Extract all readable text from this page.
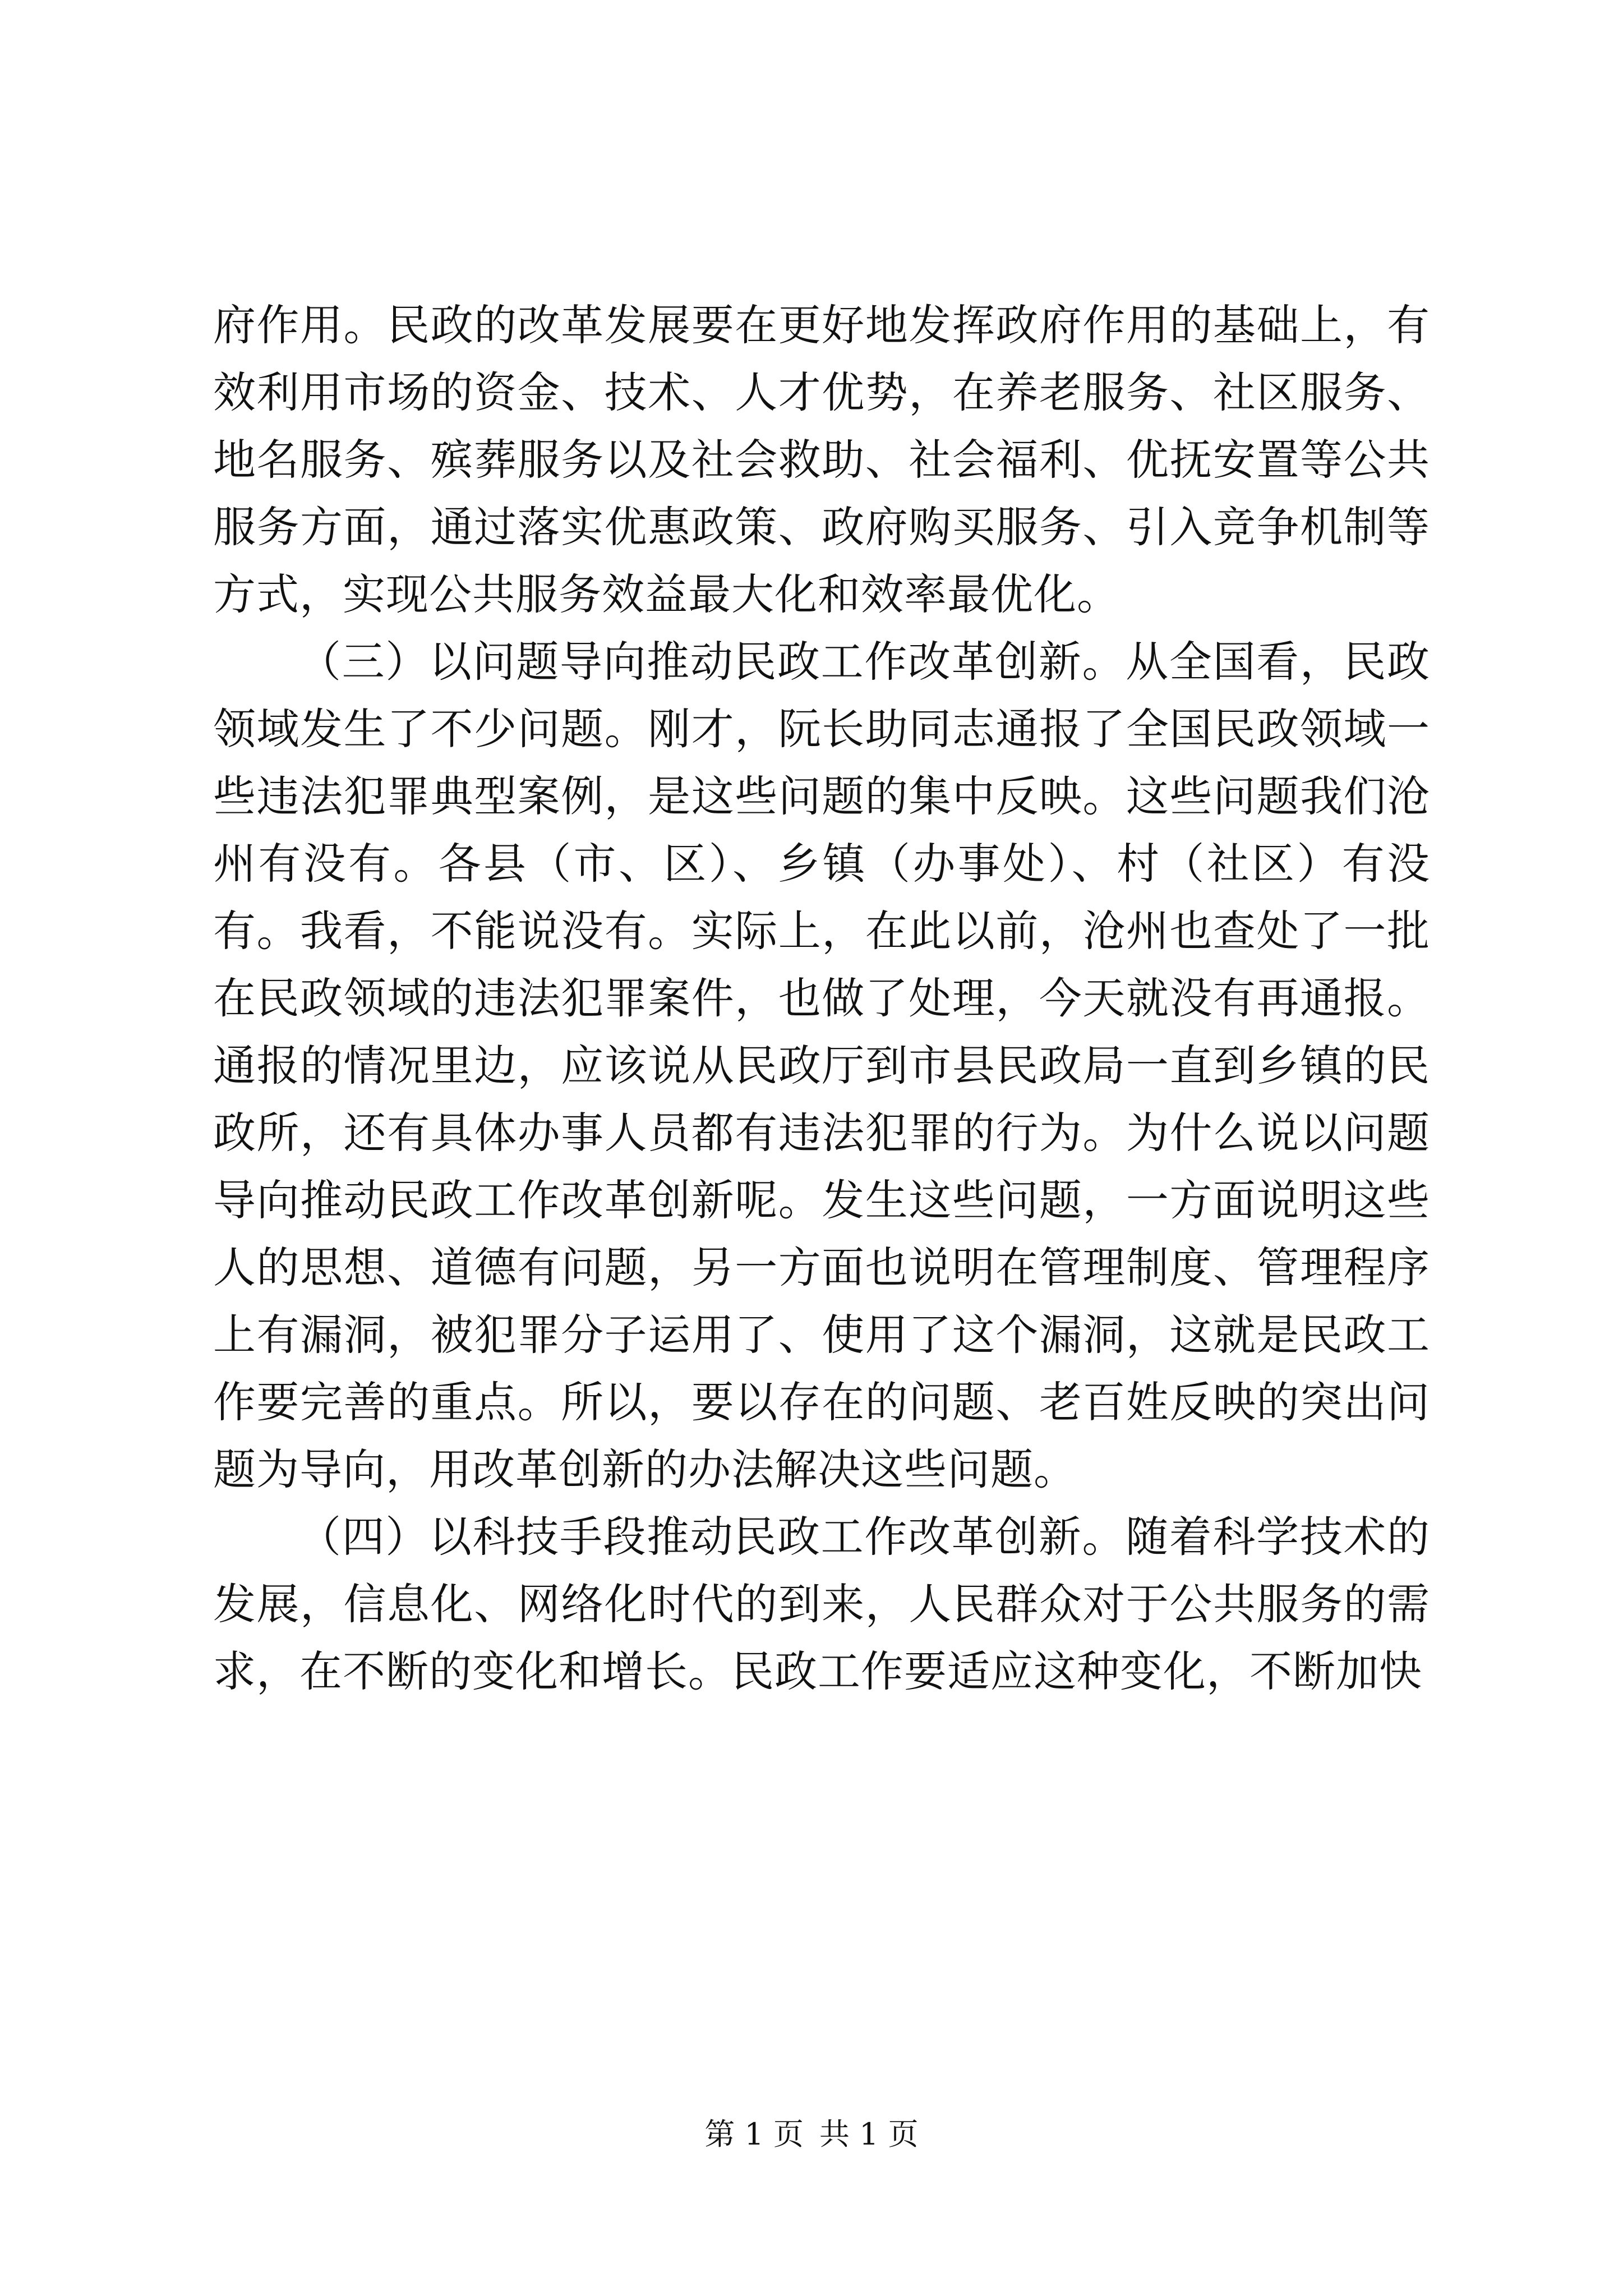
府作用。民政的改革发展要在更好地发挥政府作用的基础上，有效利用市场的资金、技术、人才优势，在养老服务、社区服务、地名服务、殡葬服务以及社会救助、社会福利、优抚安置等公共服务方面，通过落实优惠政策、政府购买服务、引入竞争机制等方式，实现公共服务效益最大化和效率最优化。

（三）以问题导向推动民政工作改革创新。从全国看，民政领域发生了不少问题。刚才，阮长助同志通报了全国民政领域一些违法犯罪典型案例，是这些问题的集中反映。这些问题我们沧州有没有。各县（市、区）、乡镇（办事处）、村（社区）有没有。我看，不能说没有。实际上，在此以前，沧州也查处了一批在民政领域的违法犯罪案件，也做了处理，今天就没有再通报。通报的情况里边，应该说从民政厅到市县民政局一直到乡镇的民政所，还有具体办事人员都有违法犯罪的行为。为什么说以问题导向推动民政工作改革创新呢。发生这些问题，一方面说明这些人的思想、道德有问题，另一方面也说明在管理制度、管理程序上有漏洞，被犯罪分子运用了、使用了这个漏洞，这就是民政工作要完善的重点。所以，要以存在的问题、老百姓反映的突出问题为导向，用改革创新的办法解决这些问题。

（四）以科技手段推动民政工作改革创新。随着科学技术的发展，信息化、网络化时代的到来，人民群众对于公共服务的需求，在不断的变化和增长。民政工作要适应这种变化，不断加快

第 1 页 共 1 页
